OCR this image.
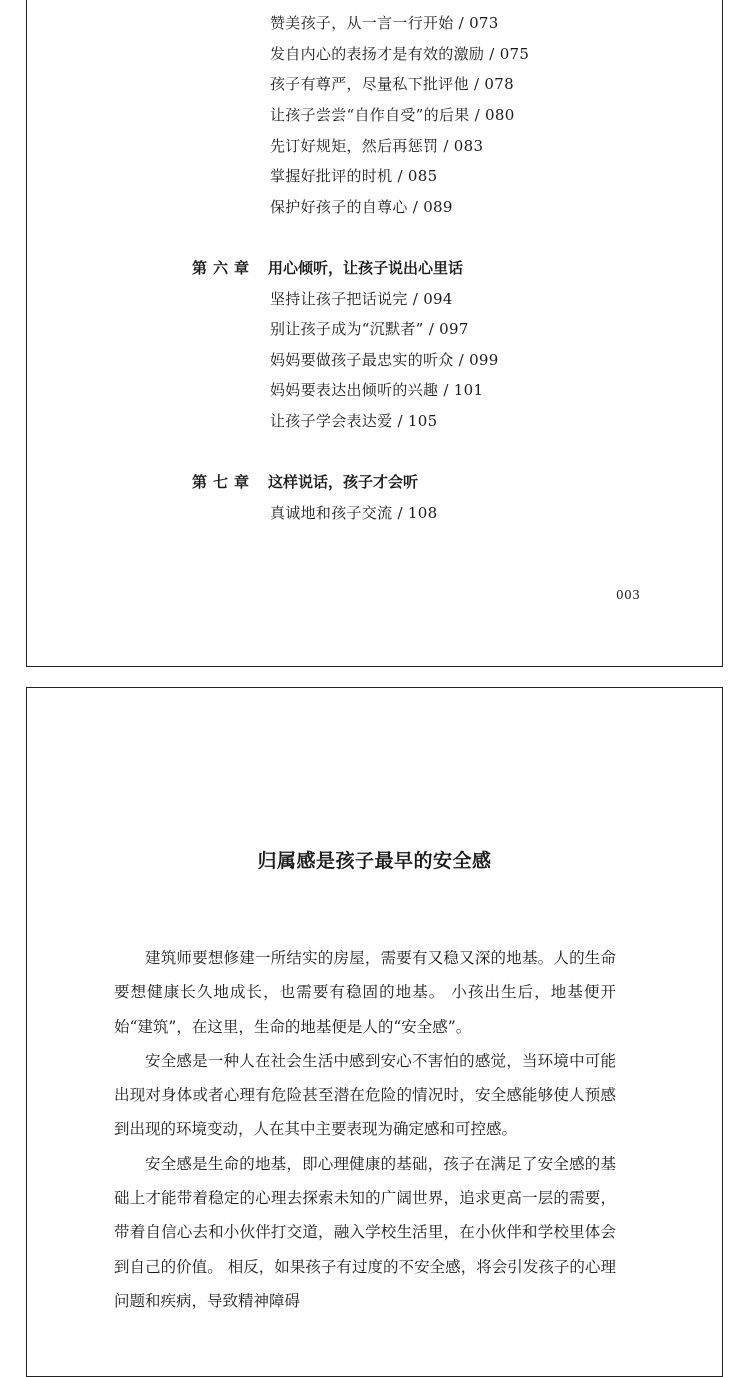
赞美孩子，从一言一行开始 / 073
发自内心的表扬才是有效的激励 / 075
孩子有尊严，尽量私下批评他 / 078
让孩子尝尝“自作自受”的后果 / 080
先订好规矩，然后再惩罚 / 083
掌握好批评的时机 / 085
保护好孩子的自尊心 / 089
第六章 用心倾听，让孩子说出心里话
坚持让孩子把话说完 / 094
别让孩子成为“沉默者” / 097
妈妈要做孩子最忠实的听众 / 099
妈妈要表达出倾听的兴趣 / 101
让孩子学会表达爱 / 105
第七章 这样说话，孩子才会听
真诚地和孩子交流 / 108
003
归属感是孩子最早的安全感

建筑师要想修建一所结实的房屋，需要有又稳又深的地基。人的生命要想健康长久地成长，也需要有稳固的地基。 小孩出生后，地基便开始“建筑”，在这里，生命的地基便是人的“安全感”。

安全感是一种人在社会生活中感到安心不害怕的感觉，当环境中可能出现对身体或者心理有危险甚至潜在危险的情况时，安全感能够使人预感到出现的环境变动，人在其中主要表现为确定感和可控感。

安全感是生命的地基，即心理健康的基础，孩子在满足了安全感的基础上才能带着稳定的心理去探索未知的广阔世界，追求更高一层的需要，带着自信心去和小伙伴打交道，融入学校生活里，在小伙伴和学校里体会到自己的价值。 相反，如果孩子有过度的不安全感，将会引发孩子的心理问题和疾病，导致精神障碍
